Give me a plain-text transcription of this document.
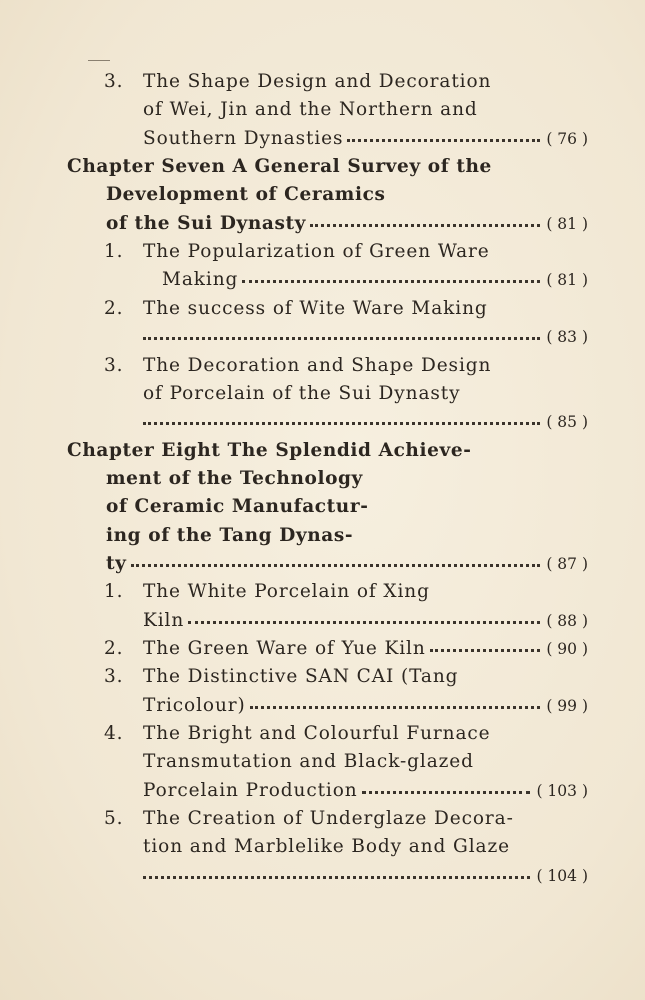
3. The Shape Design and Decoration
of Wei, Jin and the Northern and
Southern Dynasties	( 76 )
Chapter Seven A General Survey of the
Development of Ceramics
of the Sui Dynasty	( 81 )
1. The Popularization of Green Ware
Making	( 81 )
2. The success of Wite Ware Making
( 83 )
3. The Decoration and Shape Design
of Porcelain of the Sui Dynasty
( 85 )
Chapter Eight The Splendid Achieve-
ment of the Technology
of Ceramic Manufactur-
ing of the Tang Dynas-
ty	( 87 )
1. The White Porcelain of Xing
Kiln	( 88 )
2. The Green Ware of Yue Kiln	( 90 )
3. The Distinctive SAN CAI (Tang
Tricolour)	( 99 )
4. The Bright and Colourful Furnace
Transmutation and Black-glazed
Porcelain Production	( 103 )
5. The Creation of Underglaze Decora-
tion and Marblelike Body and Glaze
( 104 )
